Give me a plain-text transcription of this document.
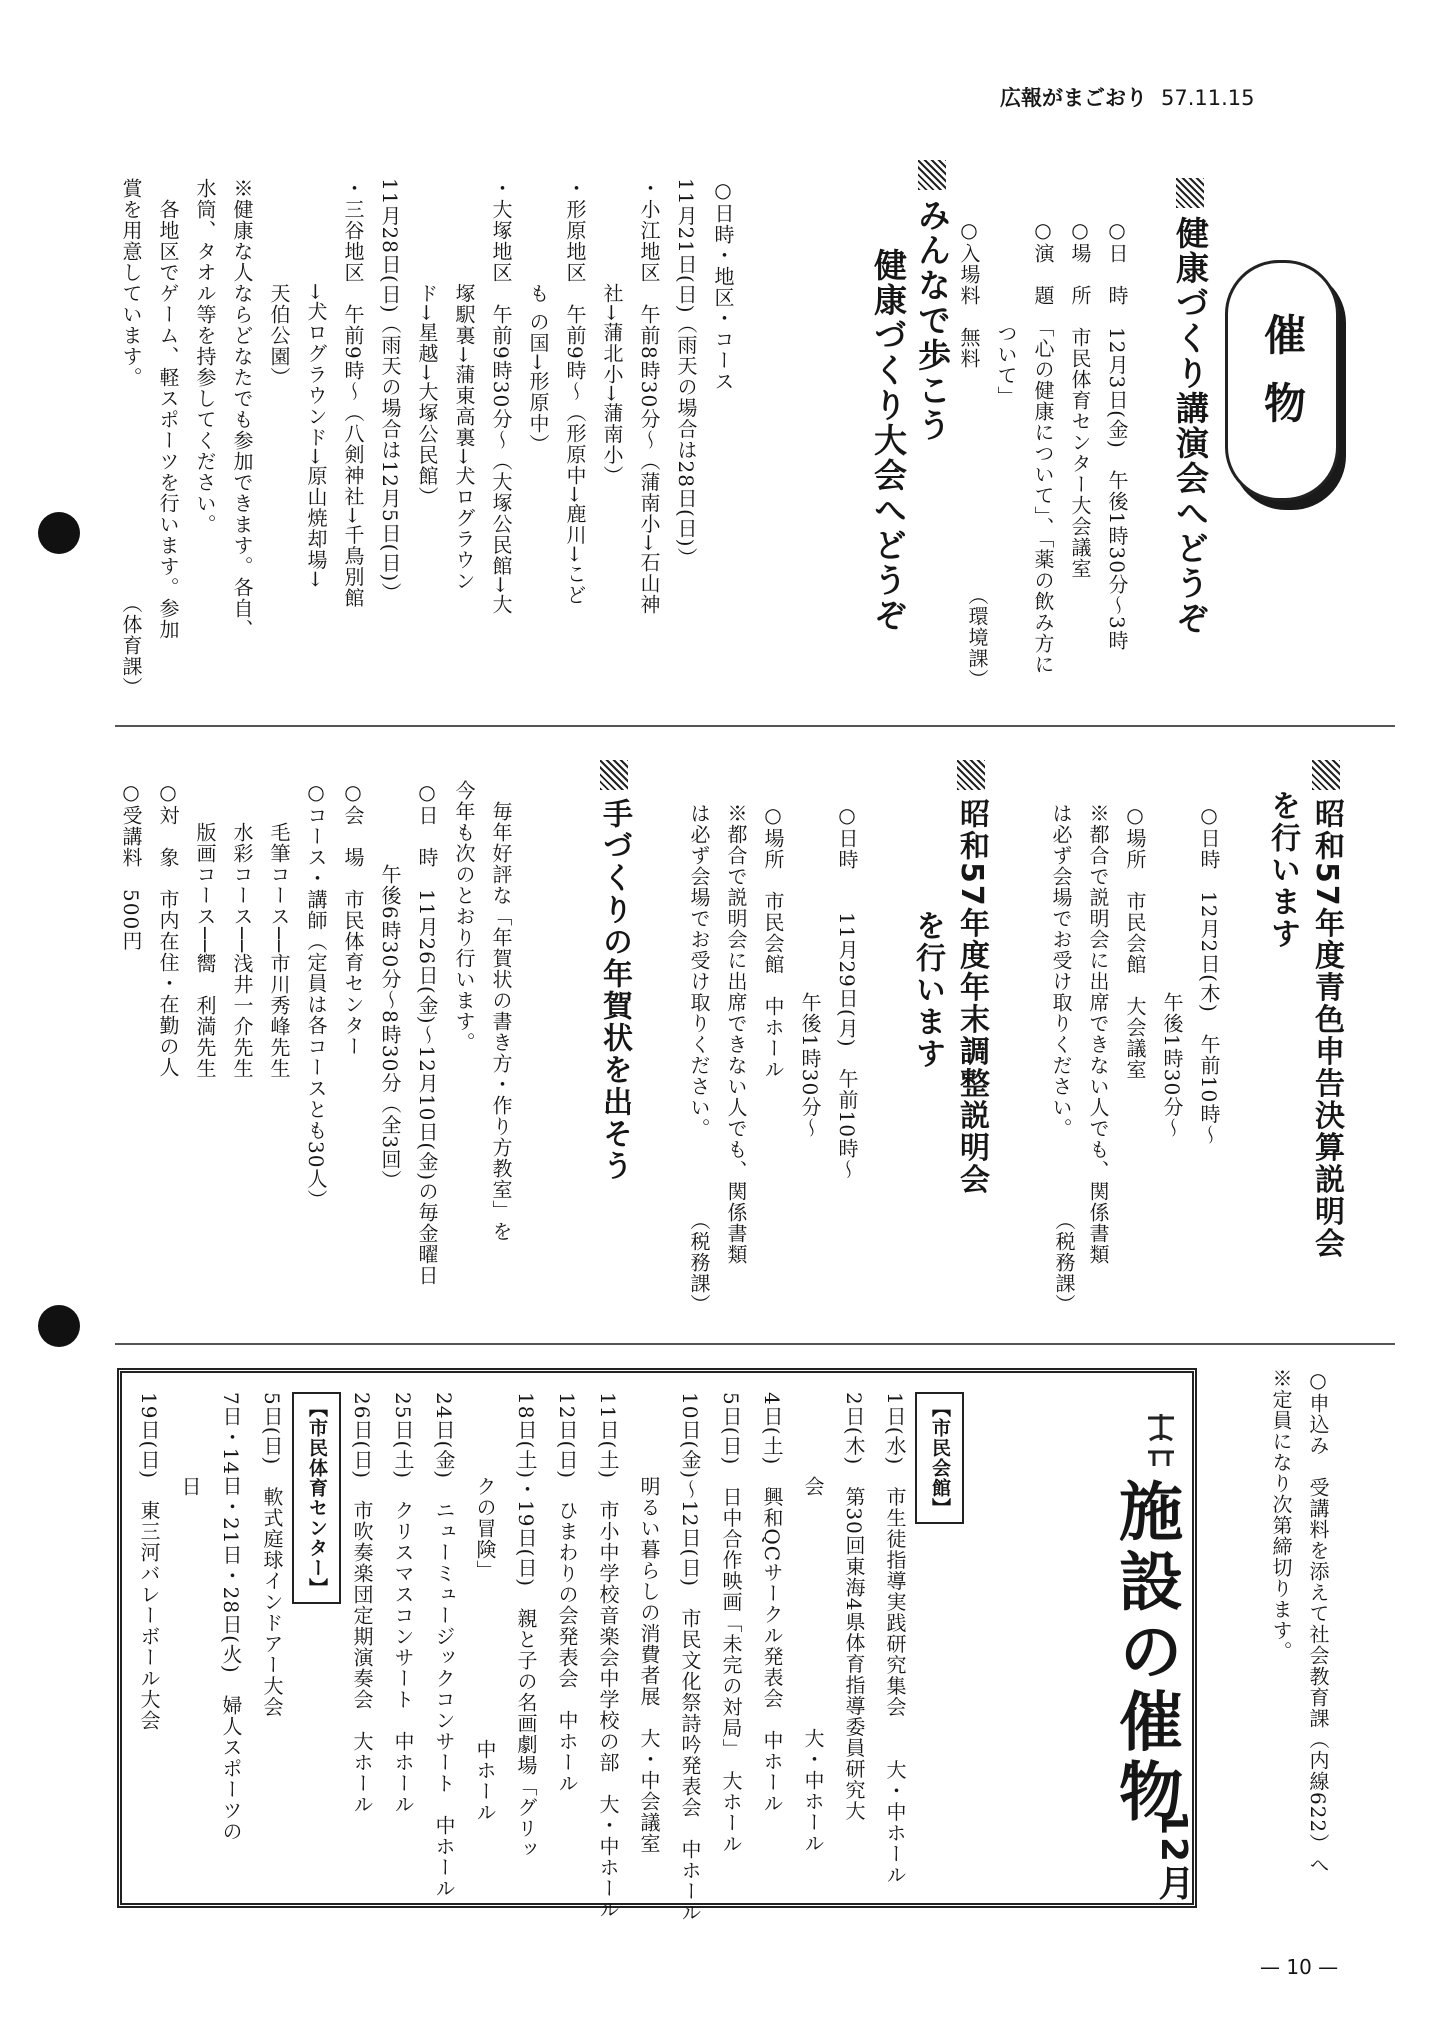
広報がまごおり 57.11.15
催物
健康づくり講演会へどうぞ
○日　時　12月3日(金)　午後1時30分～3時
○場　所　市民体育センター大会議室
○演　題　「心の健康について」、「薬の飲み方に
　　　　　ついて」
○入場料　無料
（環境課）
みんなで歩こう
健康づくり大会へどうぞ
○日時・地区・コース
11月21日(日)（雨天の場合は28日(日)）
・小江地区　午前8時30分～（蒲南小→石山神
　　　　　社→蒲北小→蒲南小）
・形原地区　午前9時～（形原中→鹿川→こど
　　　　　も の国→形原中）
・大塚地区　午前9時30分～（大塚公民館→大
　　　　　塚駅裏→蒲東高裏→犬ログラウン
　　　　　ド→星越→大塚公民館）
11月28日(日)（雨天の場合は12月5日(日)）
・三谷地区　午前9時～（八剣神社→千鳥別館
　　　　　→犬ログラウンド→原山焼却場→
　　　　　天伯公園）
※健康な人ならどなたでも参加できます。各自、
水筒、タオル等を持参してください。
　各地区でゲーム、軽スポーツを行います。参加
賞を用意しています。
（体育課）
昭和57年度青色申告決算説明会
を行います
○日時　12月2日(木)　午前10時～
　　　　　　　　　午後1時30分～
○場所　市民会館　大会議室
※都合で説明会に出席できない人でも、関係書類
は必ず会場でお受け取りください。
（税務課）
昭和57年度年末調整説明会
を行います
○日時　　11月29日(月)　午前10時～
　　　　　　　　　午後1時30分～
○場所　市民会館　中ホール
※都合で説明会に出席できない人でも、関係書類
は必ず会場でお受け取りください。
（税務課）
手づくりの年賀状を出そう
　毎年好評な「年賀状の書き方・作り方教室」を
今年も次のとおり行います。
○日　時　11月26日(金)～12月10日(金)の毎金曜日
　　　　午後6時30分～8時30分（全3回）
○会　場　市民体育センター
○コース・講師（定員は各コースとも30人）
　　毛筆コース──市川秀峰先生
　　水彩コース──浅井一介先生
　　版画コース──嚮　利満先生
○対　象　市内在住・在勤の人
○受講料　500円
○申込み　受講料を添えて社会教育課（内線622）へ
※定員になり次第締切ります。
施設の催物
12月
【市民会館】
1日(水)　市生徒指導実践研究集会　　大・中ホール
2日(木)　第30回東海4県体育指導委員研究大
　　　　会　　　　　　　　　　　大・中ホール
4日(土)　興和QCサークル発表会　中ホール
5日(日)　日中合作映画「未完の対局」　大ホール
10日(金)～12日(日)　市民文化祭詩吟発表会　中ホール
　　　　明るい暮らしの消費者展　大・中会議室
11日(土)　市小中学校音楽会中学校の部　大・中ホール
12日(日)　ひまわりの会発表会　中ホール
18日(土)・19日(日)　親と子の名画劇場「グリッ
　　　　クの冒険」　　　　　　　　中ホール
24日(金)　ニューミュージックコンサート　中ホール
25日(土)　クリスマスコンサート　中ホール
26日(日)　市吹奏楽団定期演奏会　大ホール
【市民体育センター】
5日(日)　軟式庭球インドアー大会
7日・14日・21日・28日(火)　婦人スポーツの
　　　　日
19日(日)　東三河バレーボール大会
— 10 —
